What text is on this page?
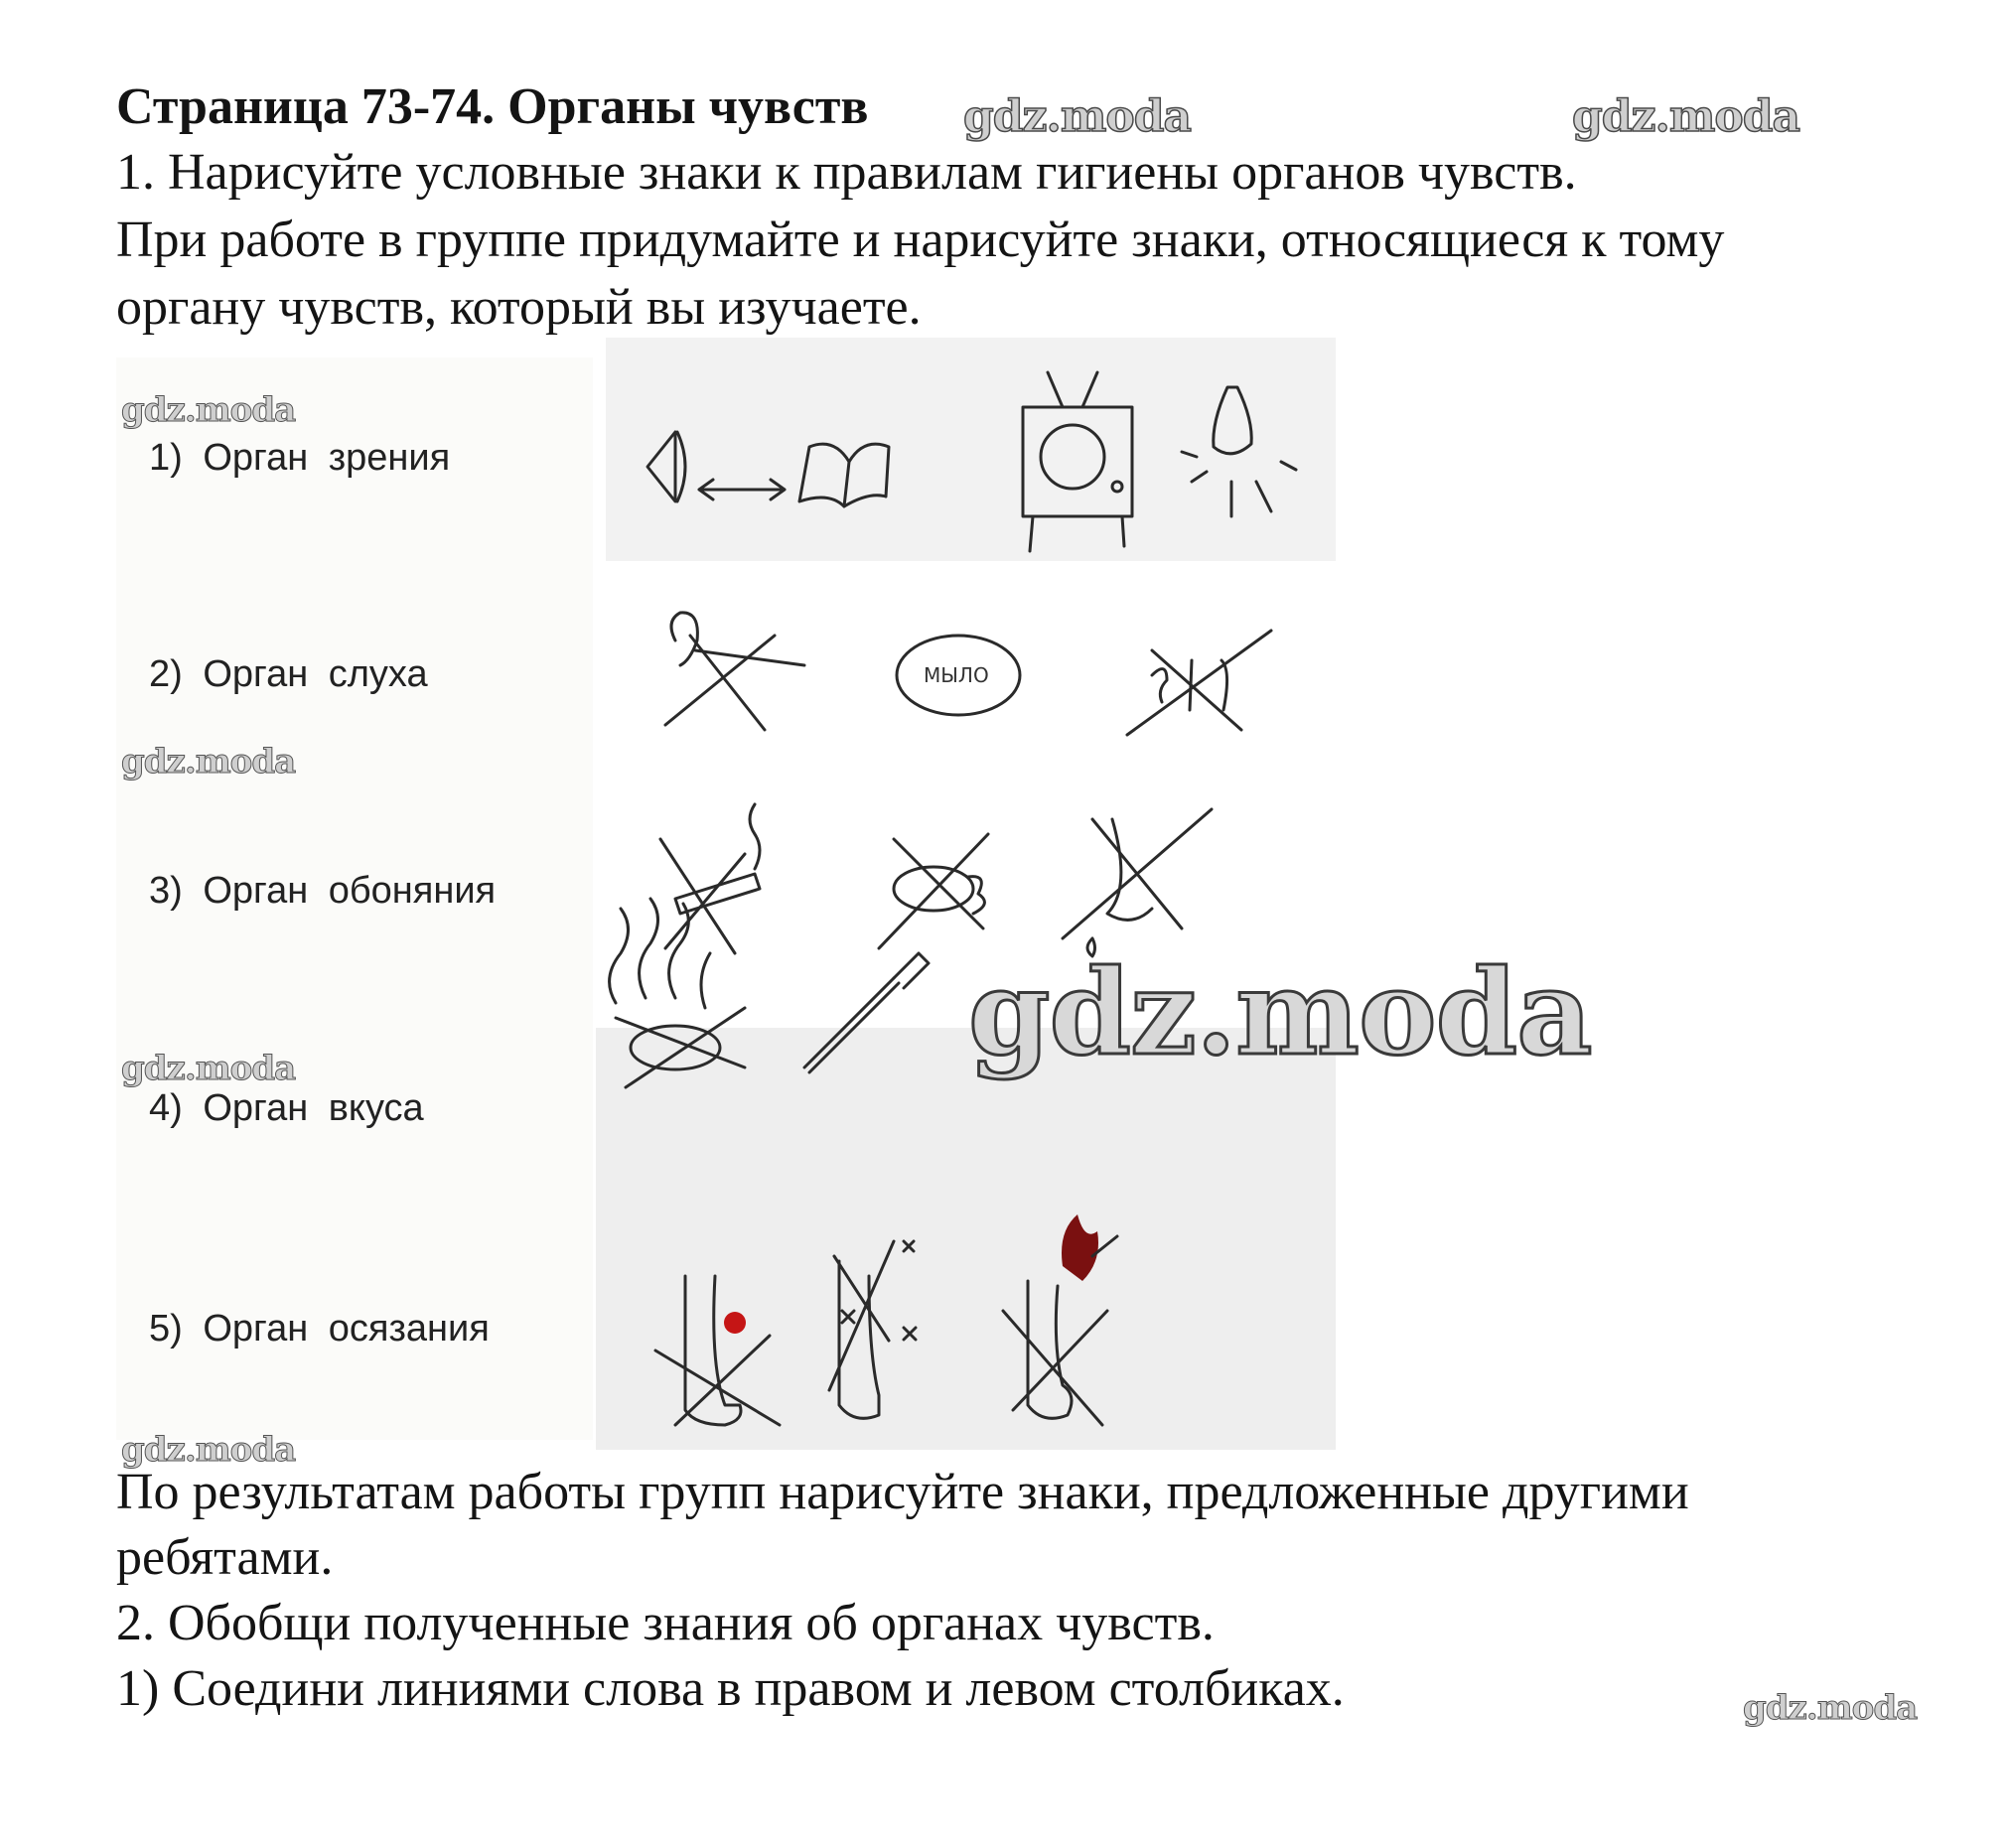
Страница 73-74. Органы чувств
1. Нарисуйте условные знаки к правилам гигиены органов чувств.
При работе в группе придумайте и нарисуйте знаки, относящиеся к тому
органу чувств, который вы изучаете.
1) Орган зрения
2) Орган слуха
3) Орган обоняния
4) Орган вкуса
5) Орган осязания
МЫЛО
По результатам работы групп нарисуйте знаки, предложенные другими
ребятами.
2. Обобщи полученные знания об органах чувств.
1) Соедини линиями слова в правом и левом столбиках.
gdz.moda	gdz.moda
gdz.moda
gdz.moda
gdz.moda
gdz.moda
gdz.moda
gdz.moda
